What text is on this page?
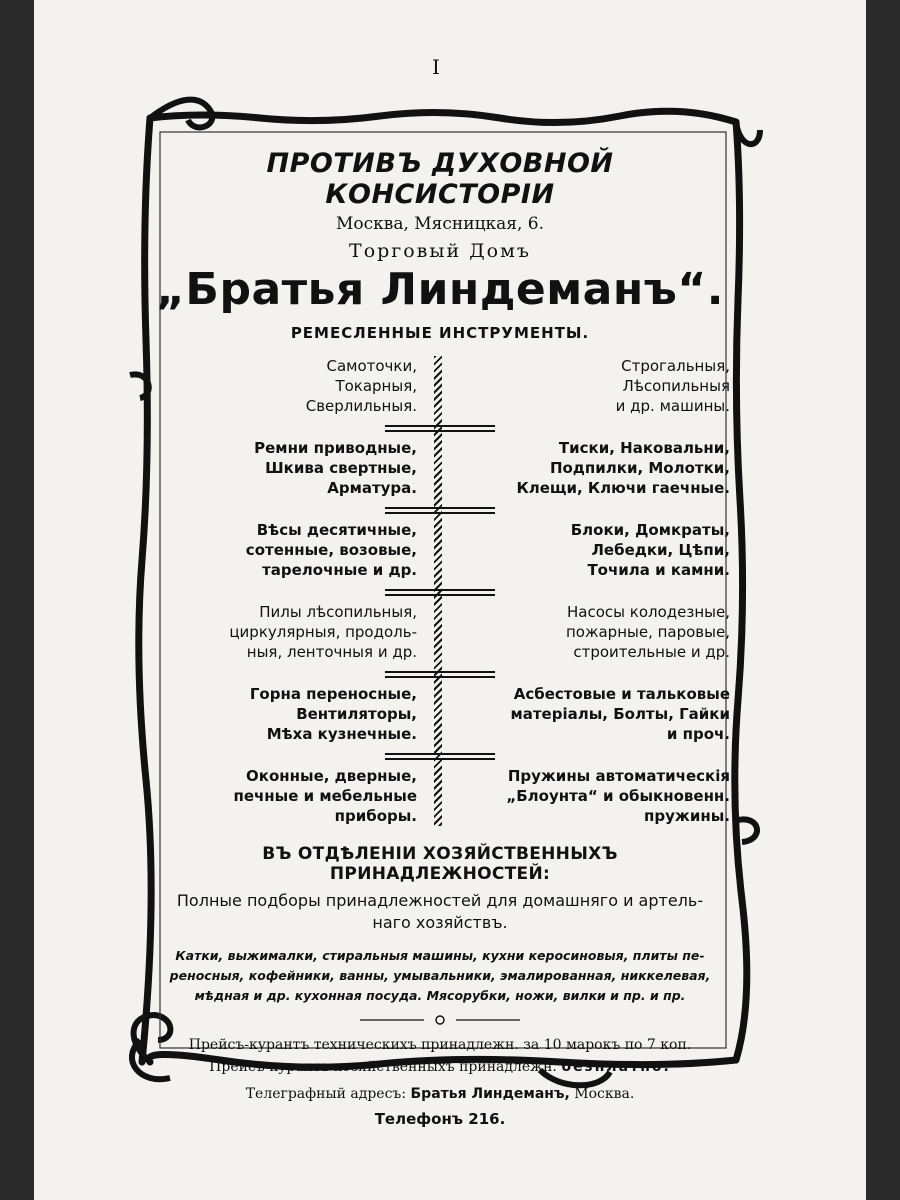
I

ПРОТИВЪ ДУХОВНОЙ КОНСИСТОРІИ
Москва, Мясницкая, 6.
Торговый Домъ
„Братья Линдеманъ“.
РЕМЕСЛЕННЫЕ ИНСТРУМЕНТЫ.
Самоточки,
Токарныя,
Сверлильныя.
Строгальныя,
Лѣсопильныя
и др. машины.
Ремни приводные,
Шкива свертные,
Арматура.
Тиски, Наковальни,
Подпилки, Молотки,
Клещи, Ключи гаечные.
Вѣсы десятичные,
сотенные, возовые,
тарелочные и др.
Блоки, Домкраты,
Лебедки, Цѣпи,
Точила и камни.
Пилы лѣсопильныя,
циркулярныя, продоль-
ныя, ленточныя и др.
Насосы колодезные,
пожарные, паровые,
строительные и др.
Горна переносные,
Вентиляторы,
Мѣха кузнечные.
Асбестовые и тальковые
матеріалы, Болты, Гайки
и проч.
Оконные, дверные,
печные и мебельные
приборы.
Пружины автоматическія
„Блоунта“ и обыкновенн.
пружины.
ВЪ ОТДѢЛЕНІИ ХОЗЯЙСТВЕННЫХЪ ПРИНАДЛЕЖНОСТЕЙ:
Полные подборы принадлежностей для домашняго и артель-
наго хозяйствъ.
Катки, выжималки, стиральныя машины, кухни керосиновыя, плиты пе-
реносныя, кофейники, ванны, умывальники, эмалированная, никкелевая,
мѣдная и др. кухонная посуда. Мясорубки, ножи, вилки и пр. и пр.
Прейсъ-курантъ техническихъ принадлежн. за 10 марокъ по 7 коп.
Прейсъ-курантъ хозяйственныхъ принадлежн. безплатно.
Телеграфный адресъ: Братья Линдеманъ, Москва.
Телефонъ 216.
